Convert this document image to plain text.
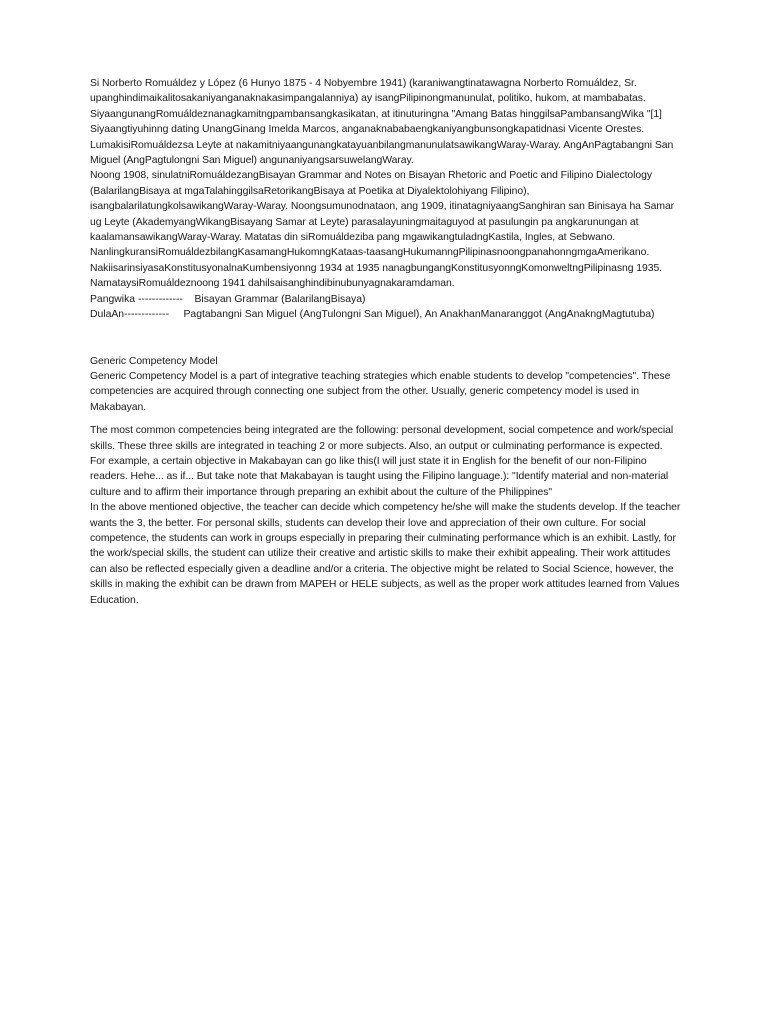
Si Norberto Romuáldez y López (6 Hunyo 1875 - 4 Nobyembre 1941) (karaniwangtinatawagna Norberto Romuáldez, Sr. upanghindimaikalitosakaniyanganaknakasimpangalanniya) ay isangPilipinongmanunulat, politiko, hukom, at mambabatas. SiyaangunangRomuáldeznanagkamitngpambansangkasikatan, at itinuturingna "Amang Batas hinggilsaPambansangWika "[1]

Siyaangtiyuhinng dating UnangGinang Imelda Marcos, anganaknababaengkaniyangbunsongkapatidnasi Vicente Orestes. LumakisiRomuáldezsa Leyte at nakamitniyaangunangkatayuanbilangmanunulatsawikangWaray-Waray. AngAnPagtabangni San Miguel (AngPagtulongni San Miguel) angunaniyangsarsuwelangWaray.

Noong 1908, sinulatniRomuáldezangBisayan Grammar and Notes on Bisayan Rhetoric and Poetic and Filipino Dialectology (BalarilangBisaya at mgaTalahinggilsaRetorikangBisaya at Poetika at Diyalektolohiyang Filipino), isangbalarilatungkolsawikangWaray-Waray. Noongsumunodnataon, ang 1909, itinatagniyaangSanghiran san Binisaya ha Samar ug Leyte (AkademyangWikangBisayang Samar at Leyte) parasalayuningmaitaguyod at pasulungin pa angkarunungan at kaalamansawikangWaray-Waray. Matatas din siRomuáldeziba pang mgawikangtuladngKastila, Ingles, at Sebwano.

NanlingkuransiRomuáldezbilangKasamangHukomngKataas-taasangHukumanngPilipinasnoongpanahonngmgaAmerikano. NakiisarinsiyasaKonstitusyonalnaKumbensiyonng 1934 at 1935 nanagbungangKonstitusyonngKomonweltngPilipinasng 1935.

NamataysiRomuáldeznoong 1941 dahilsaisanghindibinubunyagnakaramdaman.

Pangwika -------------
Bisayan Grammar (BalarilangBisaya)
DulaAn------------- Pagtabangni San Miguel (AngTulongni San Miguel), An AnakhanManaranggot (AngAnakngMagtutuba)

Generic Competency Model

Generic Competency Model is a part of integrative teaching strategies which enable students to develop "competencies". These competencies are acquired through connecting one subject from the other. Usually, generic competency model is used in Makabayan.

The most common competencies being integrated are the following: personal development, social competence and work/special skills. These three skills are integrated in teaching 2 or more subjects. Also, an output or culminating performance is expected.

For example, a certain objective in Makabayan can go like this(I will just state it in English for the benefit of our non-Filipino readers. Hehe... as if... But take note that Makabayan is taught using the Filipino language.): "Identify material and non-material culture and to affirm their importance through preparing an exhibit about the culture of the Philippines"

In the above mentioned objective, the teacher can decide which competency he/she will make the students develop. If the teacher wants the 3, the better. For personal skills, students can develop their love and appreciation of their own culture. For social competence, the students can work in groups especially in preparing their culminating performance which is an exhibit. Lastly, for the work/special skills, the student can utilize their creative and artistic skills to make their exhibit appealing. Their work attitudes can also be reflected especially given a deadline and/or a criteria. The objective might be related to Social Science, however, the skills in making the exhibit can be drawn from MAPEH or HELE subjects, as well as the proper work attitudes learned from Values Education.
